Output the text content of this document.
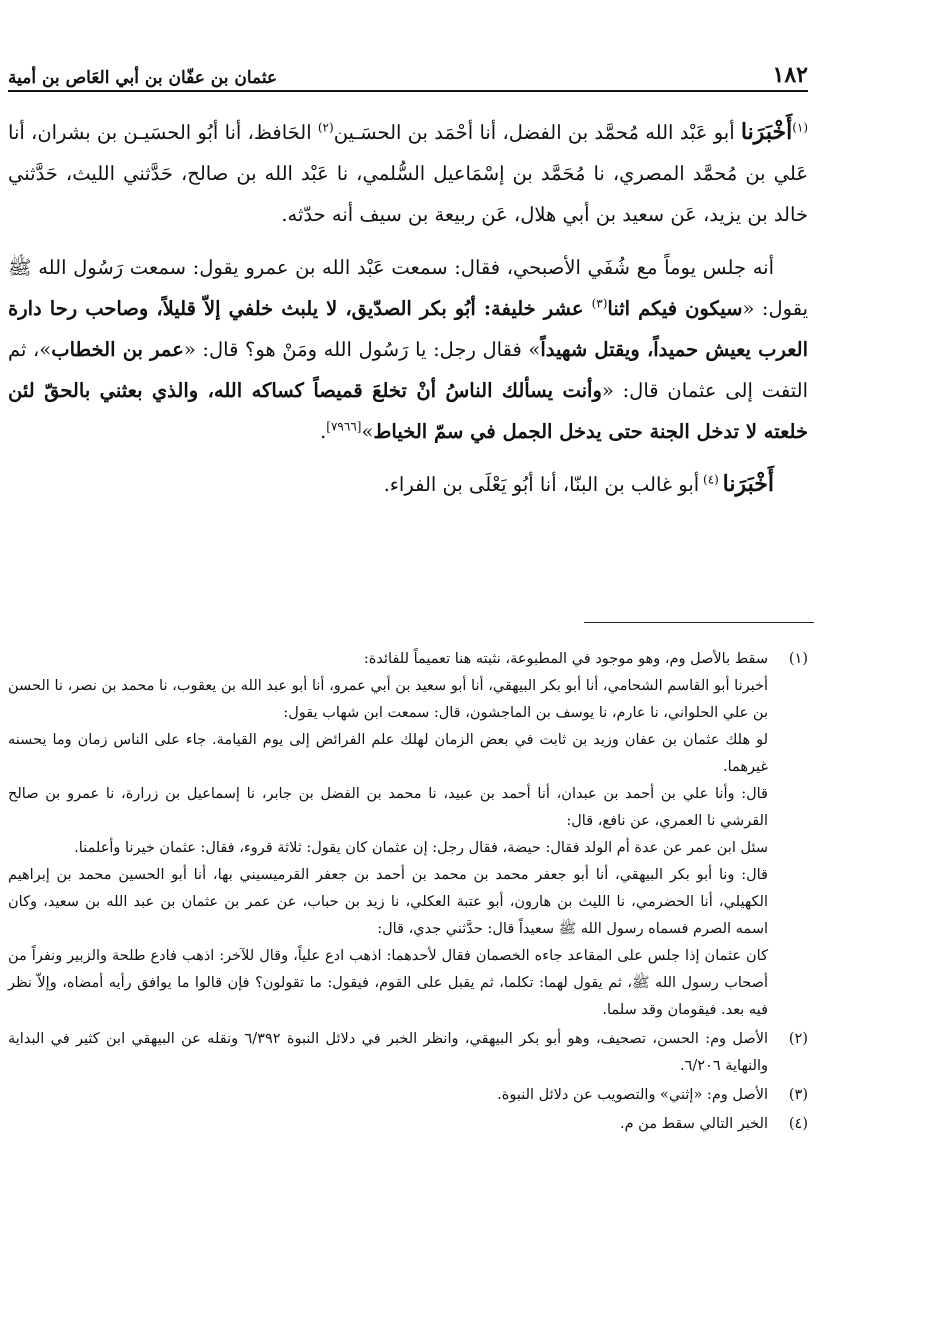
١٨٢
عثمان بن عفّان بن أبي العَاص بن أمية

$^{(١)}$أَخْبَرَنا أبو عَبْد الله مُحمَّد بن الفضل، أنا أحْمَد بن الحسَـين$^{(٢)}$ الحَافظ، أنا أبُو الحسَيـن بن بشران، أنا عَلي بن مُحمَّد المصري، نا مُحَمَّد بن إسْمَاعيل السُّلمي، نا عَبْد الله بن صالح، حَدَّثني الليث، حَدَّثني خالد بن يزيد، عَن سعيد بن أبي هلال، عَن ربيعة بن سيف أنه حدّثه.

أنه جلس يوماً مع شُفَي الأصبحي، فقال: سمعت عَبْد الله بن عمرو يقول: سمعت رَسُول الله ﷺ يقول: «سيكون فيكم اثنا$^{(٣)}$ عشر خليفة: أبُو بكر الصدّيق، لا يلبث خلفي إلاّ قليلاً، وصاحب رحا دارة العرب يعيش حميداً، ويقتل شهيداً» فقال رجل: يا رَسُول الله ومَنْ هو؟ قال: «عمر بن الخطاب»، ثم التفت إلى عثمان قال: «وأنت يسألك الناسُ أنْ تخلعَ قميصاً كساكه الله، والذي بعثني بالحقّ لئن خلعته لا تدخل الجنة حتى يدخل الجمل في سمّ الخياط»[٧٩٦٦].

أَخْبَرَنا $^{(٤)}$ أبو غالب بن البنّا، أنا أبُو يَعْلَى بن الفراء.

(١)

سقط بالأصل وم، وهو موجود في المطبوعة، نثبته هنا تعميماً للفائدة:

أخبرنا أبو القاسم الشحامي، أنا أبو بكر البيهقي، أنا أبو سعيد بن أبي عمرو، أنا أبو عبد الله بن يعقوب، نا محمد بن نصر، نا الحسن بن علي الحلواني، نا عارم، نا يوسف بن الماجشون، قال: سمعت ابن شهاب يقول:

لو هلك عثمان بن عفان وزيد بن ثابت في بعض الزمان لهلك علم الفرائض إلى يوم القيامة. جاء على الناس زمان وما يحسنه غيرهما.

قال: وأنا علي بن أحمد بن عبدان، أنا أحمد بن عبيد، نا محمد بن الفضل بن جابر، نا إسماعيل بن زرارة، نا عمرو بن صالح القرشي نا العمري، عن نافع، قال:

سئل ابن عمر عن عدة أم الولد فقال: حيضة، فقال رجل: إن عثمان كان يقول: ثلاثة قروء، فقال: عثمان خيرنا وأعلمنا.

قال: ونا أبو بكر البيهقي، أنا أبو جعفر محمد بن محمد بن أحمد بن جعفر القرميسيني بها، أنا أبو الحسين محمد بن إبراهيم الكهيلي، أنا الحضرمي، نا الليث بن هارون، أبو عتبة العكلي، نا زيد بن حباب، عن عمر بن عثمان بن عبد الله بن سعيد، وكان اسمه الصرم فسماه رسول الله ﷺ سعيداً قال: حدَّثني جدي، قال:

كان عثمان إذا جلس على المقاعد جاءه الخصمان فقال لأحدهما: اذهب ادع علياً، وقال للآخر: اذهب فادع طلحة والزبير ونفراً من أصحاب رسول الله ﷺ، ثم يقول لهما: تكلما، ثم يقبل على القوم، فيقول: ما تقولون؟ فإن قالوا ما يوافق رأيه أمضاه، وإلاّ نظر فيه بعد. فيقومان وقد سلما.

(٢)

الأصل وم: الحسن، تصحيف، وهو أبو بكر البيهقي، وانظر الخبر في دلائل النبوة ٦/٣٩٢ ونقله عن البيهقي ابن كثير في البداية والنهاية ٦/٢٠٦.

(٣)

الأصل وم: «إثني» والتصويب عن دلائل النبوة.

(٤)

الخبر التالي سقط من م.
